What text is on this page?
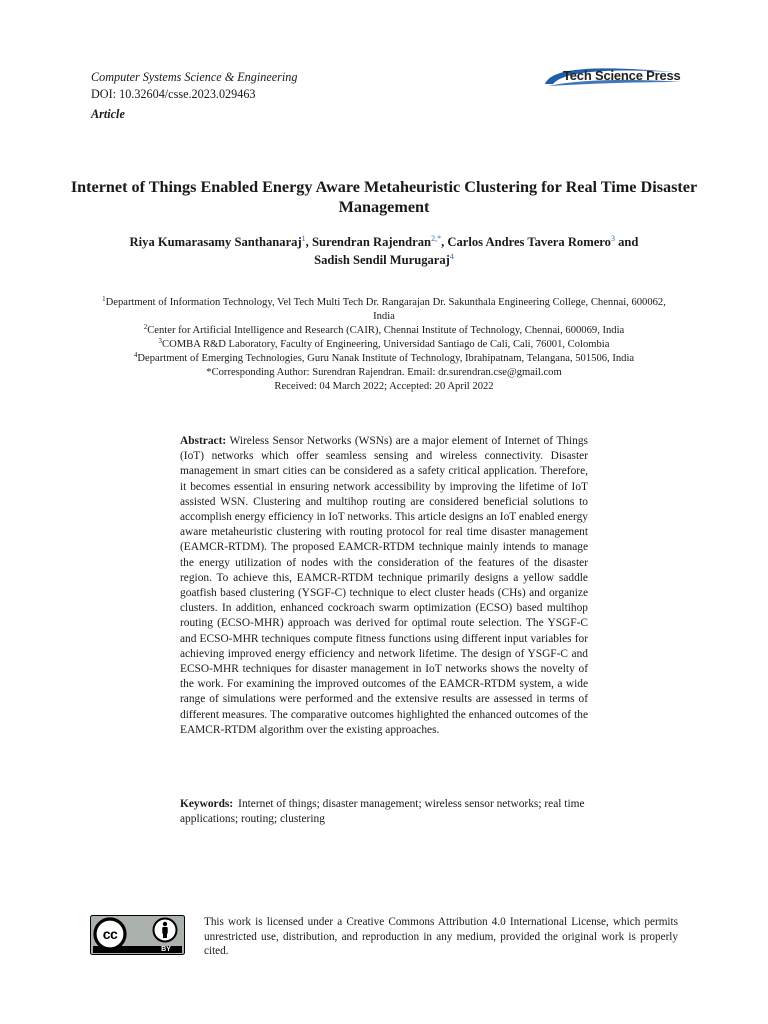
Computer Systems Science & Engineering
DOI: 10.32604/csse.2023.029463
Article
Tech Science Press
Internet of Things Enabled Energy Aware Metaheuristic Clustering for Real Time Disaster Management
Riya Kumarasamy Santhanaraj$^1$, Surendran Rajendran$^{2,*}$, Carlos Andres Tavera Romero$^3$ and
Sadish Sendil Murugaraj$^4$

$^1$Department of Information Technology, Vel Tech Multi Tech Dr. Rangarajan Dr. Sakunthala Engineering College, Chennai, 600062, India

$^2$Center for Artificial Intelligence and Research (CAIR), Chennai Institute of Technology, Chennai, 600069, India

$^3$COMBA R&D Laboratory, Faculty of Engineering, Universidad Santiago de Cali, Cali, 76001, Colombia

$^4$Department of Emerging Technologies, Guru Nanak Institute of Technology, Ibrahipatnam, Telangana, 501506, India

*Corresponding Author: Surendran Rajendran. Email: dr.surendran.cse@gmail.com

Received: 04 March 2022; Accepted: 20 April 2022

Abstract: Wireless Sensor Networks (WSNs) are a major element of Internet of Things (IoT) networks which offer seamless sensing and wireless connectivity. Disaster management in smart cities can be considered as a safety critical application. Therefore, it becomes essential in ensuring network accessibility by improving the lifetime of IoT assisted WSN. Clustering and multihop routing are considered beneficial solutions to accomplish energy efficiency in IoT networks. This article designs an IoT enabled energy aware metaheuristic clustering with routing protocol for real time disaster management (EAMCR-RTDM). The proposed EAMCR-RTDM technique mainly intends to manage the energy utilization of nodes with the consideration of the features of the disaster region. To achieve this, EAMCR-RTDM technique primarily designs a yellow saddle goatfish based clustering (YSGF-C) technique to elect cluster heads (CHs) and organize clusters. In addition, enhanced cockroach swarm optimization (ECSO) based multihop routing (ECSO-MHR) approach was derived for optimal route selection. The YSGF-C and ECSO-MHR techniques compute fitness functions using different input variables for achieving improved energy efficiency and network lifetime. The design of YSGF-C and ECSO-MHR techniques for disaster management in IoT networks shows the novelty of the work. For examining the improved outcomes of the EAMCR-RTDM system, a wide range of simulations were performed and the extensive results are assessed in terms of different measures. The comparative outcomes highlighted the enhanced outcomes of the EAMCR-RTDM algorithm over the existing approaches.
Keywords: Internet of things; disaster management; wireless sensor networks; real time applications; routing; clustering
cc
BY
This work is licensed under a Creative Commons Attribution 4.0 International License, which permits unrestricted use, distribution, and reproduction in any medium, provided the original work is properly cited.
